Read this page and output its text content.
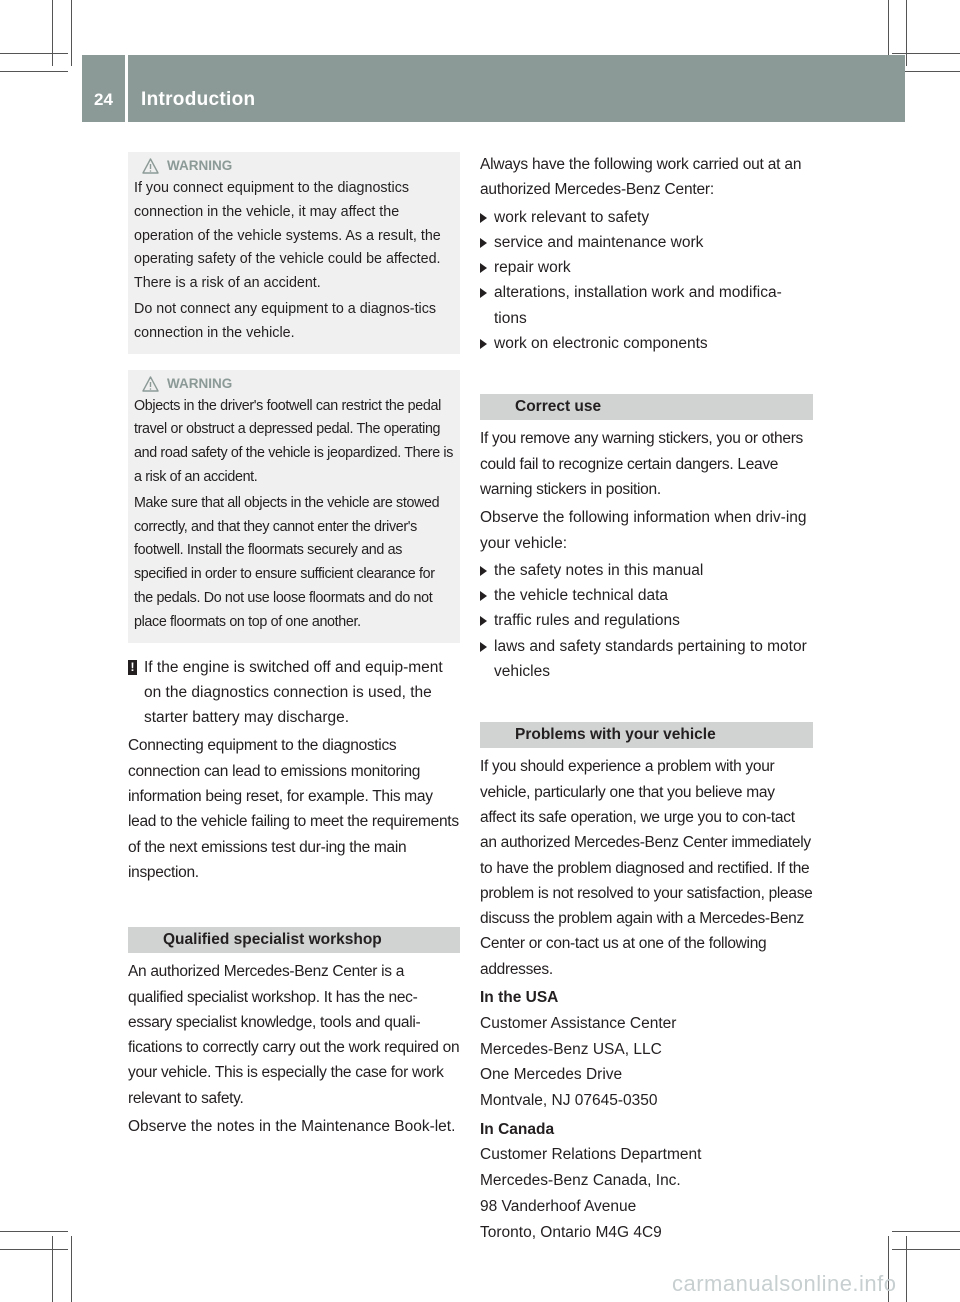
24	Introduction
WARNING

If you connect equipment to the diagnostics connection in the vehicle, it may affect the operation of the vehicle systems. As a result, the operating safety of the vehicle could be affected. There is a risk of an accident.

Do not connect any equipment to a diagnos-tics connection in the vehicle.

WARNING

Objects in the driver's footwell can restrict the pedal travel or obstruct a depressed pedal. The operating and road safety of the vehicle is jeopardized. There is a risk of an accident.

Make sure that all objects in the vehicle are stowed correctly, and that they cannot enter the driver's footwell. Install the floormats securely and as specified in order to ensure sufficient clearance for the pedals. Do not use loose floormats and do not place floormats on top of one another.

! If the engine is switched off and equip-ment on the diagnostics connection is used, the starter battery may discharge.

Connecting equipment to the diagnostics connection can lead to emissions monitoring information being reset, for example. This may lead to the vehicle failing to meet the requirements of the next emissions test dur-ing the main inspection.

Qualified specialist workshop

An authorized Mercedes-Benz Center is a qualified specialist workshop. It has the nec-essary specialist knowledge, tools and quali-fications to correctly carry out the work required on your vehicle. This is especially the case for work relevant to safety.

Observe the notes in the Maintenance Book-let.

Always have the following work carried out at an authorized Mercedes-Benz Center:

work relevant to safety
service and maintenance work
repair work
alterations, installation work and modifica-tions
work on electronic components
Correct use

If you remove any warning stickers, you or others could fail to recognize certain dangers. Leave warning stickers in position.

Observe the following information when driv-ing your vehicle:

the safety notes in this manual
the vehicle technical data
traffic rules and regulations
laws and safety standards pertaining to motor vehicles
Problems with your vehicle

If you should experience a problem with your vehicle, particularly one that you believe may affect its safe operation, we urge you to con-tact an authorized Mercedes-Benz Center immediately to have the problem diagnosed and rectified. If the problem is not resolved to your satisfaction, please discuss the problem again with a Mercedes-Benz Center or con-tact us at one of the following addresses.

In the USA
Customer Assistance Center
Mercedes-Benz USA, LLC
One Mercedes Drive
Montvale, NJ 07645-0350
In Canada
Customer Relations Department
Mercedes-Benz Canada, Inc.
98 Vanderhoof Avenue
Toronto, Ontario M4G 4C9
carmanualsonline.info
